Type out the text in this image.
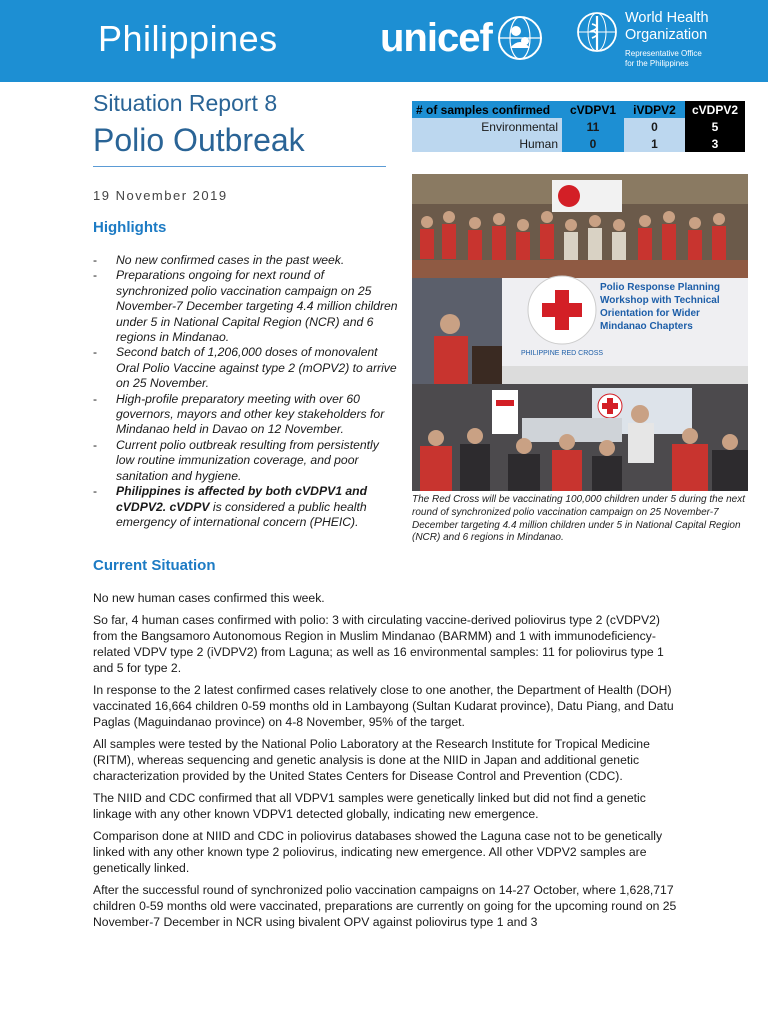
Philippines	unicef	World Health
Organization
Representative Office
for the Philippines
Situation Report 8
Polio Outbreak
19 November 2019
# of samples confirmed	cVDPV1	iVDPV2	cVDPV2
Environmental	11	0	5
Human	0	1	3
Highlights
- No new confirmed cases in the past week.
- Preparations ongoing for next round of synchronized polio vaccination campaign on 25 November-7 December targeting 4.4 million children under 5 in National Capital Region (NCR) and 6 regions in Mindanao.
- Second batch of 1,206,000 doses of monovalent Oral Polio Vaccine against type 2 (mOPV2) to arrive on 25 November.
- High-profile preparatory meeting with over 60 governors, mayors and other key stakeholders for Mindanao held in Davao on 12 November.
- Current polio outbreak resulting from persistently low routine immunization coverage, and poor sanitation and hygiene.
- Philippines is affected by both cVDPV1 and cVDPV2. cVDPV is considered a public health emergency of international concern (PHEIC).
PHILIPPINE RED CROSS
Polio Response Planning
Workshop with Technical
Orientation for Wider
Mindanao Chapters
The Red Cross will be vaccinating 100,000 children under 5 during the next round of synchronized polio vaccination campaign on 25 November-7 December targeting 4.4 million children under 5 in National Capital Region (NCR) and 6 regions in Mindanao.
Current Situation

No new human cases confirmed this week.

So far, 4 human cases confirmed with polio: 3 with circulating vaccine-derived poliovirus type 2 (cVDPV2) from the Bangsamoro Autonomous Region in Muslim Mindanao (BARMM) and 1 with immunodeficiency-related VDPV type 2 (iVDPV2) from Laguna; as well as 16 environmental samples: 11 for poliovirus type 1 and 5 for type 2.

In response to the 2 latest confirmed cases relatively close to one another, the Department of Health (DOH) vaccinated 16,664 children 0-59 months old in Lambayong (Sultan Kudarat province), Datu Piang, and Datu Paglas (Maguindanao province) on 4-8 November, 95% of the target.

All samples were tested by the National Polio Laboratory at the Research Institute for Tropical Medicine (RITM), whereas sequencing and genetic analysis is done at the NIID in Japan and additional genetic characterization provided by the United States Centers for Disease Control and Prevention (CDC).

The NIID and CDC confirmed that all VDPV1 samples were genetically linked but did not find a genetic linkage with any other known VDPV1 detected globally, indicating new emergence.

Comparison done at NIID and CDC in poliovirus databases showed the Laguna case not to be genetically linked with any other known type 2 poliovirus, indicating new emergence. All other VDPV2 samples are genetically linked.

After the successful round of synchronized polio vaccination campaigns on 14-27 October, where 1,628,717 children 0-59 months old were vaccinated, preparations are currently on going for the upcoming round on 25 November-7 December in NCR using bivalent OPV against poliovirus type 1 and 3
